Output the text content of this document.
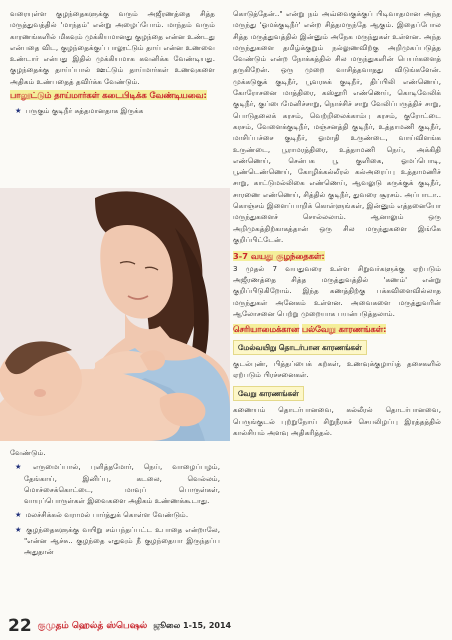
வரையுள்ள குழந்தைகளுக்கு வரும் அஜீரணத்தை சித்த மருத்துவத்தில் 'மாந்தம்' என்று அழைப்போம். மாந்தம் வரும் காரணங்களில் மிகவும் முக்கியமானது குழந்தை என்ன உண்டது என்பதை விட, குழந்தைக்குப் பாலூட்டும் தாய் என்ன உணவை உண்டார் என்பது இதில் முக்கியமாக கவனிக்க வேண்டியது. குழந்தைக்கு தாய்ப்பால் ஊட்டும் தாய்மார்கள் உணவுகளை அதிகம் உண்பதைத் தவிர்க்க வேண்டும்.

பாலூட்டும் தாய்மார்கள் கடைபிடிக்க வேண்டியவை:

★ பருகும் குடிநீர் சுத்தமானதாக இருக்க

வேண்டும்.

★ எருமைப்பால், புளித்தமோர், நெய், வாழைப்பழம், தேங்காய், இனிப்பு, கடலை, வெல்லம், மொச்சைக்கொட்டை, மாவுப் பொருள்கள், வாயுப்பொருள்கள் இவைகளை அதிகம் உண்ணக்கூடாது.

★ மலச்சிக்கல் வராமல் பார்த்துக் கொள்ள வேண்டும்.

★ குழந்தைகளுக்கு வயிறு சம்பந்தப்பட்ட உபாதை என்றாலே, "என்ன ஆச்சு.. குழந்தை எதுவும் நீ குழந்தையா இருந்தப்ப அதுதான்

கொடுத்தேன்.." என்று நம் அவ்வைகுக்குப் பிடிவாதமான அந்த மருந்து 'ஓமக்குடிநீர்' என்ற சித்தமருந்தே ஆகும். இதைப்போல சித்த மருத்துவத்தில் இன்னும் அநேக மருந்துகள் உள்ளன. அந்த மருந்துகளை தமிழ்க்குறும் நல்லுணவிற்கு அறிமுகப்படுத்த வேண்டும் என்ற நோக்கத்தில் சில மருந்துகளின் பெயர்களைத் தருகிறேன். ஒரு முறை வாசித்தவாதது விடுங்களேன். முக்கடுகுக் குடிநீர், பூவரசுக் குடிநீர், திப்பிலி எண்ணெய், கோரோசனை மாத்திரை, கஸ்தூரி எண்ணெய், கொடிவேலிக் குடிநீர், குப்பைமேனிச்சாறு, நொச்சிச் சாறு வேலிப்பருத்திச் சாறு, பொடுதலைக் கரசம், வெற்றிலைக்காம்பு கரசம், குரோட்டை கரசம், வேளைக்குடிநீர், மஞ்சனத்தி குடிநீர், உத்தாமணி குடிநீர், மாசிப்பச்சை குடிநீர், ஓமாதி உருண்டை, வாய்விளங்க உருண்டை, பூராமரத்திரை, உத்தாமணி நெய், அக்கிதி எண்ணெய், சென்பக பூ குளிகை, ஓமப்பொடி, பூண்டெண்ணெய், கோழிக்கல்லீரல் கல்அரைப்பு உத்தாமணிச் சாறு, காட்டுமல்லிகை எண்ணெய், ஆவலுடு கருக்குக் குடிநீர், சாரணை எண்ணெய், சித்தில் குடிநீர், துவரை சூரசம். அப்பாடா.. கொஞ்சம் இளைப்பாறிக் கொள்ளுங்கள், இன்னும் எத்தனையோ மருந்துகளைச் சொல்லலாம். ஆனாலும் ஒரு அறிமுகத்திற்காகத்தான் ஒரு சில மருந்துகளை இங்கே குறிப்பிட்டேன்.

3-7 வயது குழந்தைகள்:

3 முதல் 7 வயதுவரை உள்ள சிறுவர்களுக்கு ஏற்படும் அஜீரணத்தை சித்த மருத்துவத்தில் 'கணம்' என்று குறிப்பிடுகிறோம். இந்த கணத்திற்கு பக்கவிளைவில்லாத மருந்துகள் அனேகம் உள்ளன. அவைகளை மருத்துவரின் ஆலோசனை பெற்று முறையாக பயன்படுத்தலாம்.

செரியாமைக்கான பல்வேறு காரணங்கள்:
மேல்வயிறு தொடர்பான காரணங்கள்

குடல்புண், பித்தப்பைக் கற்கள், உணவுக்குழாய்த் தசைகளில் ஏற்படும் பிரச்சனைகள்.

வேறு காரணங்கள்

கணையம் தொடர்பானவை, கல்லீரல் தொடர்பானவை, பெருங்குடல் புற்றுநோய் சிறுநீரகச் செயலிழப்பு இரத்தத்தில் கால்சியம் அளவு அதிகரித்தல்.

22 குமுதம் ஹெல்த் ஸ்பெஷல் ஜூலை 1-15, 2014
